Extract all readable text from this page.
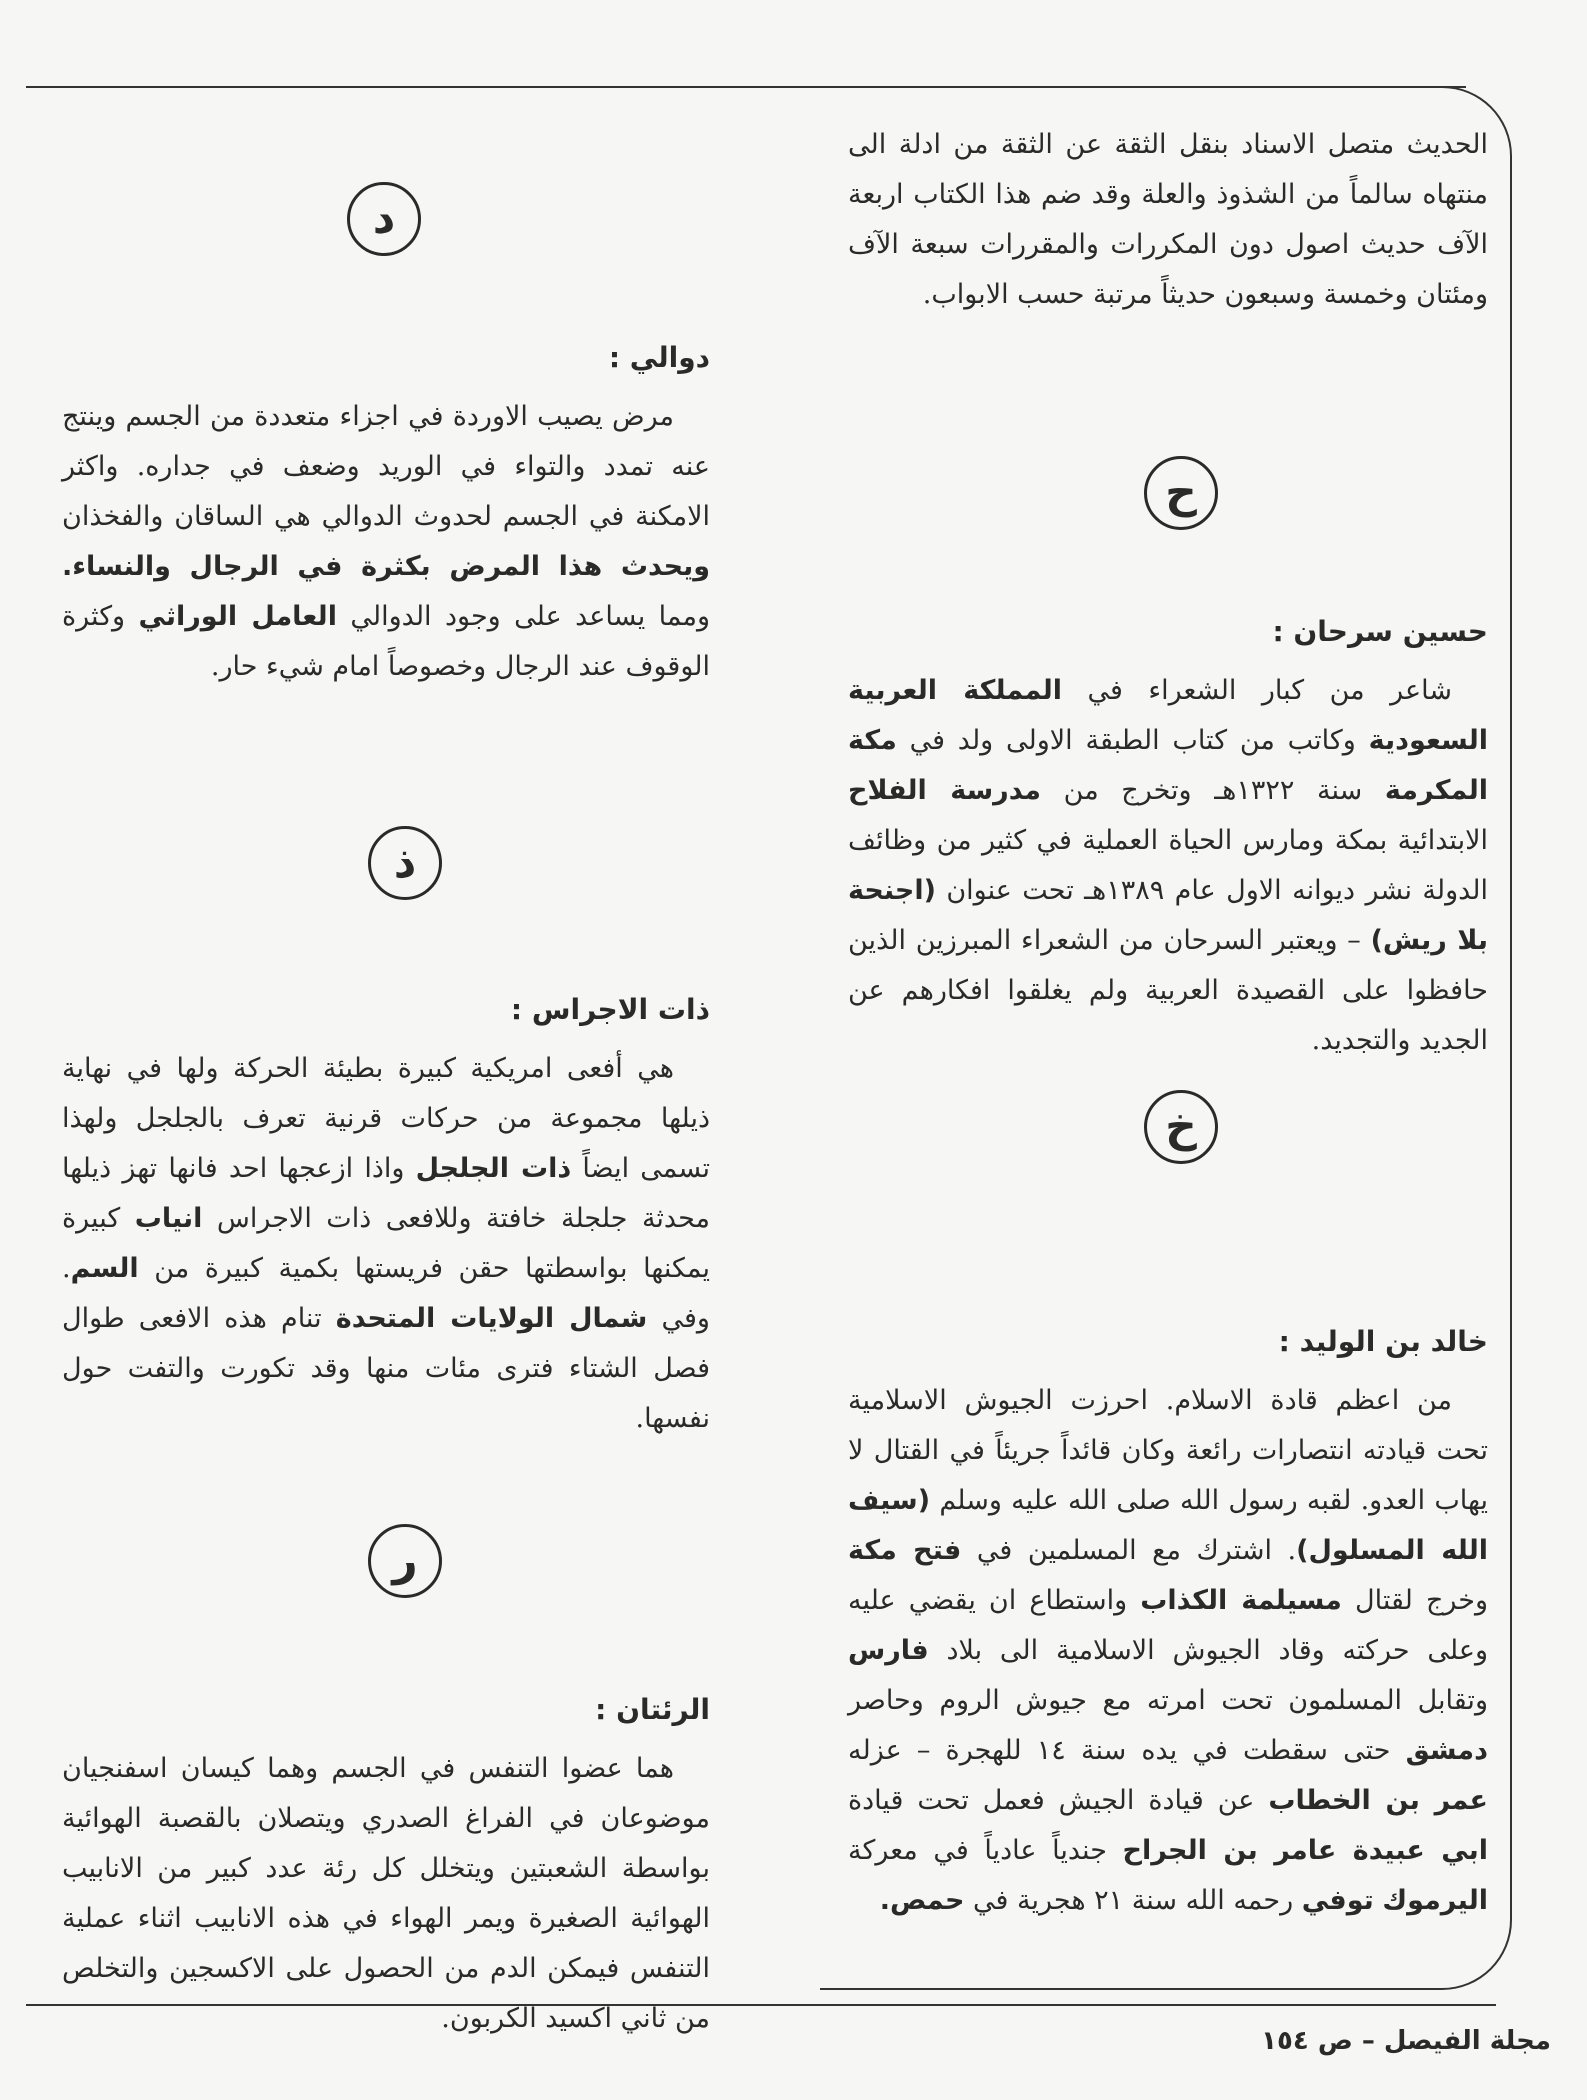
الحديث متصل الاسناد بنقل الثقة عن الثقة من ادلة الى منتهاه سالماً من الشذوذ والعلة وقد ضم هذا الكتاب اربعة الآف حديث اصول دون المكررات والمقررات سبعة الآف ومئتان وخمسة وسبعون حديثاً مرتبة حسب الابواب.

ح
حسين سرحان :

شاعر من كبار الشعراء في المملكة العربية السعودية وكاتب من كتاب الطبقة الاولى ولد في مكة المكرمة سنة ١٣٢٢هـ وتخرج من مدرسة الفلاح الابتدائية بمكة ومارس الحياة العملية في كثير من وظائف الدولة نشر ديوانه الاول عام ١٣٨٩هـ تحت عنوان (اجنحة بلا ريش) – ويعتبر السرحان من الشعراء المبرزين الذين حافظوا على القصيدة العربية ولم يغلقوا افكارهم عن الجديد والتجديد.

خ
خالد بن الوليد :

من اعظم قادة الاسلام. احرزت الجيوش الاسلامية تحت قيادته انتصارات رائعة وكان قائداً جريئاً في القتال لا يهاب العدو. لقبه رسول الله صلى الله عليه وسلم (سيف الله المسلول). اشترك مع المسلمين في فتح مكة وخرج لقتال مسيلمة الكذاب واستطاع ان يقضي عليه وعلى حركته وقاد الجيوش الاسلامية الى بلاد فارس وتقابل المسلمون تحت امرته مع جيوش الروم وحاصر دمشق حتى سقطت في يده سنة ١٤ للهجرة – عزله عمر بن الخطاب عن قيادة الجيش فعمل تحت قيادة ابي عبيدة عامر بن الجراح جندياً عادياً في معركة اليرموك توفي رحمه الله سنة ٢١ هجرية في حمص.

د
دوالي :

مرض يصيب الاوردة في اجزاء متعددة من الجسم وينتج عنه تمدد والتواء في الوريد وضعف في جداره. واكثر الامكنة في الجسم لحدوث الدوالي هي الساقان والفخذان ويحدث هذا المرض بكثرة في الرجال والنساء. ومما يساعد على وجود الدوالي العامل الوراثي وكثرة الوقوف عند الرجال وخصوصاً امام شيء حار.

ذ
ذات الاجراس :

هي أفعى امريكية كبيرة بطيئة الحركة ولها في نهاية ذيلها مجموعة من حركات قرنية تعرف بالجلجل ولهذا تسمى ايضاً ذات الجلجل واذا ازعجها احد فانها تهز ذيلها محدثة جلجلة خافتة وللافعى ذات الاجراس انياب كبيرة يمكنها بواسطتها حقن فريستها بكمية كبيرة من السم. وفي شمال الولايات المتحدة تنام هذه الافعى طوال فصل الشتاء فترى مئات منها وقد تكورت والتفت حول نفسها.

ر
الرئتان :

هما عضوا التنفس في الجسم وهما كيسان اسفنجيان موضوعان في الفراغ الصدري ويتصلان بالقصبة الهوائية بواسطة الشعبتين ويتخلل كل رئة عدد كبير من الانابيب الهوائية الصغيرة ويمر الهواء في هذه الانابيب اثناء عملية التنفس فيمكن الدم من الحصول على الاكسجين والتخلص من ثاني اكسيد الكربون.

مجلة الفيصل – ص ١٥٤
